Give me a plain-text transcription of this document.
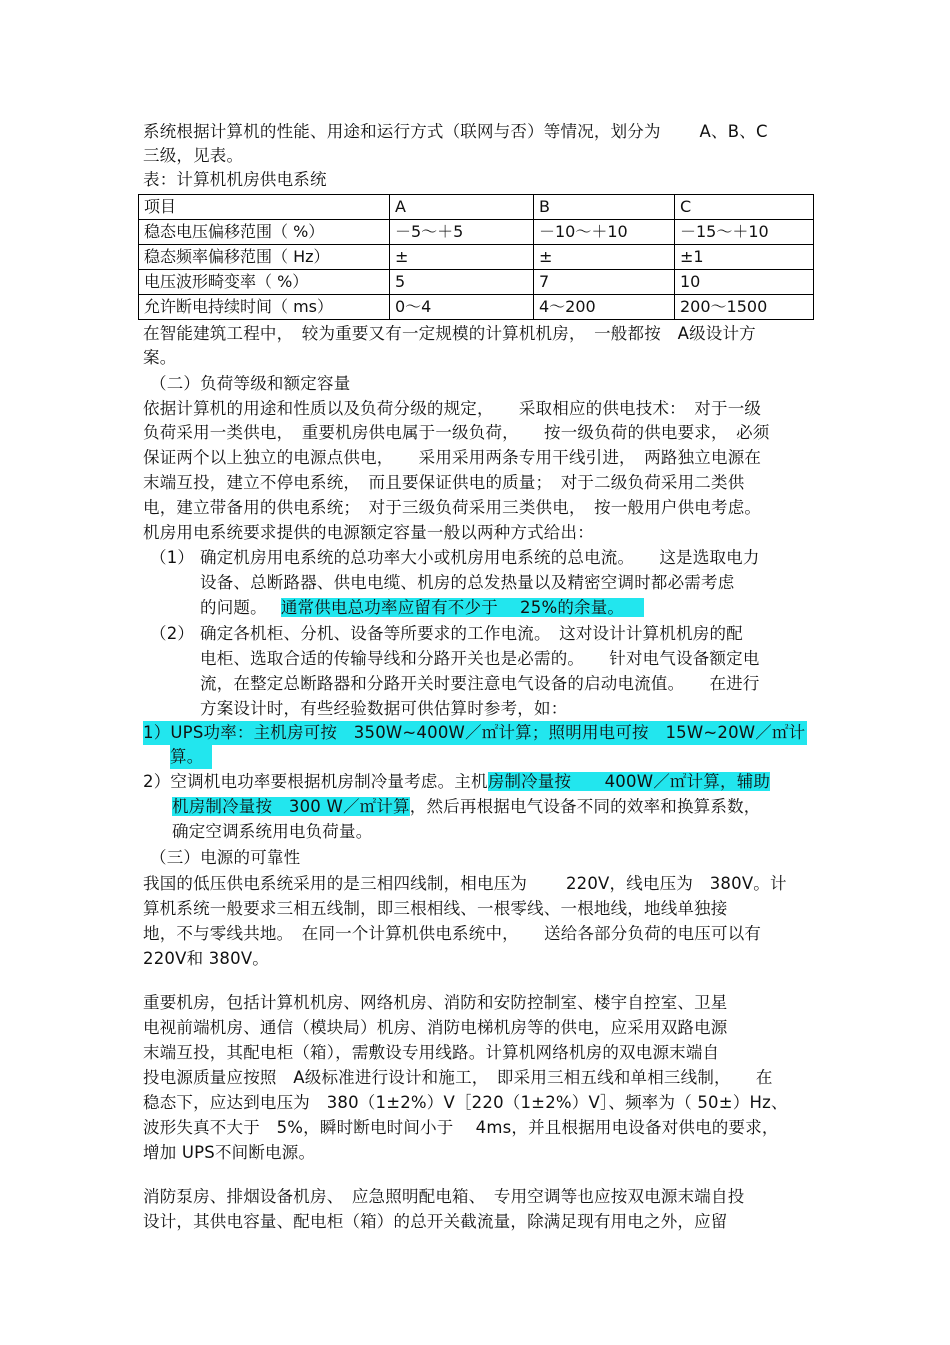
系统根据计算机的性能、用途和运行方式（联网与否）等情况，划分为　　 A、B、C
三级，见表。
表：计算机机房供电系统
项目	A	B	C
稳态电压偏移范围（ %）	－5～＋5	－10～＋10	－15～＋10
稳态频率偏移范围（ Hz）	±	±	±1
电压波形畸变率（ %）	5	7	10
允许断电持续时间（ ms）	0～4	4～200	200～1500
在智能建筑工程中，　较为重要又有一定规模的计算机机房，　一般都按　A级设计方
案。
（二）负荷等级和额定容量
依据计算机的用途和性质以及负荷分级的规定，　　采取相应的供电技术：　对于一级
负荷采用一类供电，　重要机房供电属于一级负荷，　　按一级负荷的供电要求，　必须
保证两个以上独立的电源点供电，　　采用采用两条专用干线引进，　两路独立电源在
末端互投，建立不停电系统，　而且要保证供电的质量；　对于二级负荷采用二类供
电，建立带备用的供电系统；　对于三级负荷采用三类供电，　按一般用户供电考虑。
机房用电系统要求提供的电源额定容量一般以两种方式给出：
（1） 确定机房用电系统的总功率大小或机房用电系统的总电流。　　这是选取电力
设备、总断路器、供电电缆、机房的总发热量以及精密空调时都必需考虑
的问题。 通常供电总功率应留有不少于　 25%的余量。
（2） 确定各机柜、分机、设备等所要求的工作电流。　这对设计计算机机房的配
电柜、选取合适的传输导线和分路开关也是必需的。　　针对电气设备额定电
流，在整定总断路器和分路开关时要注意电气设备的启动电流值。　　在进行
方案设计时，有些经验数据可供估算时参考，如：
1）UPS功率：主机房可按　350W~400W／㎡计算；照明用电可按　15W~20W／㎡计
算。
2）空调机电功率要根据机房制冷量考虑。主机房制冷量按　　400W／㎡计算，辅助
机房制冷量按　300 W／㎡计算，然后再根据电气设备不同的效率和换算系数，
确定空调系统用电负荷量。
（三）电源的可靠性
我国的低压供电系统采用的是三相四线制，相电压为　　 220V，线电压为　380V。计
算机系统一般要求三相五线制，即三根相线、一根零线、一根地线，地线单独接
地，不与零线共地。　在同一个计算机供电系统中，　　送给各部分负荷的电压可以有
220V和 380V。
重要机房，包括计算机机房、网络机房、消防和安防控制室、楼宇自控室、卫星
电视前端机房、通信（模块局）机房、消防电梯机房等的供电，应采用双路电源
末端互投，其配电柜（箱），需敷设专用线路。计算机网络机房的双电源末端自
投电源质量应按照　A级标准进行设计和施工，　即采用三相五线和单相三线制，　　在
稳态下，应达到电压为　380（1±2%）V［220（1±2%）V］、频率为（ 50±）Hz、
波形失真不大于　5%，瞬时断电时间小于　 4ms，并且根据用电设备对供电的要求，
增加 UPS不间断电源。
消防泵房、排烟设备机房、　应急照明配电箱、　专用空调等也应按双电源末端自投
设计，其供电容量、配电柜（箱）的总开关截流量，除满足现有用电之外，应留
